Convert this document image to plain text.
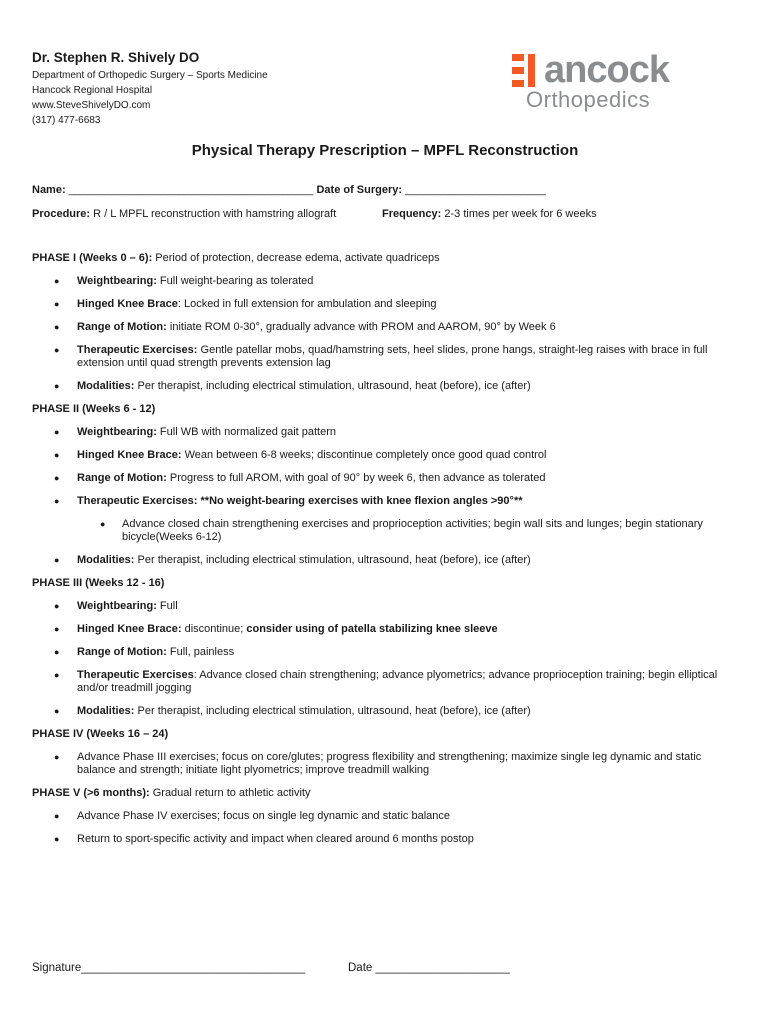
Dr. Stephen R. Shively DO
Department of Orthopedic Surgery – Sports Medicine
Hancock Regional Hospital
www.SteveShivelyDO.com
(317) 477-6683
ancock
Orthopedics
Physical Therapy Prescription – MPFL Reconstruction
Name: ________________________________________ Date of Surgery: _______________________
Procedure: R / L MPFL reconstruction with hamstring allograft	Frequency: 2-3 times per week for 6 weeks
PHASE I (Weeks 0 – 6): Period of protection, decrease edema, activate quadriceps
● Weightbearing: Full weight-bearing as tolerated
● Hinged Knee Brace: Locked in full extension for ambulation and sleeping
● Range of Motion: initiate ROM 0-30°, gradually advance with PROM and AAROM, 90° by Week 6
● Therapeutic Exercises: Gentle patellar mobs, quad/hamstring sets, heel slides, prone hangs, straight-leg raises with brace in full extension until quad strength prevents extension lag
● Modalities: Per therapist, including electrical stimulation, ultrasound, heat (before), ice (after)
PHASE II (Weeks 6 - 12)
● Weightbearing: Full WB with normalized gait pattern
● Hinged Knee Brace: Wean between 6-8 weeks; discontinue completely once good quad control
● Range of Motion: Progress to full AROM, with goal of 90° by week 6, then advance as tolerated
● Therapeutic Exercises: **No weight-bearing exercises with knee flexion angles >90°**
● Advance closed chain strengthening exercises and proprioception activities; begin wall sits and lunges; begin stationary bicycle(Weeks 6-12)
● Modalities: Per therapist, including electrical stimulation, ultrasound, heat (before), ice (after)
PHASE III (Weeks 12 - 16)
● Weightbearing: Full
● Hinged Knee Brace: discontinue; consider using of patella stabilizing knee sleeve
● Range of Motion: Full, painless
● Therapeutic Exercises: Advance closed chain strengthening; advance plyometrics; advance proprioception training; begin elliptical and/or treadmill jogging
● Modalities: Per therapist, including electrical stimulation, ultrasound, heat (before), ice (after)
PHASE IV (Weeks 16 – 24)
● Advance Phase III exercises; focus on core/glutes; progress flexibility and strengthening; maximize single leg dynamic and static balance and strength; initiate light plyometrics; improve treadmill walking
PHASE V (>6 months): Gradual return to athletic activity
● Advance Phase IV exercises; focus on single leg dynamic and static balance
● Return to sport-specific activity and impact when cleared around 6 months postop
Signature___________________________________	Date _____________________
